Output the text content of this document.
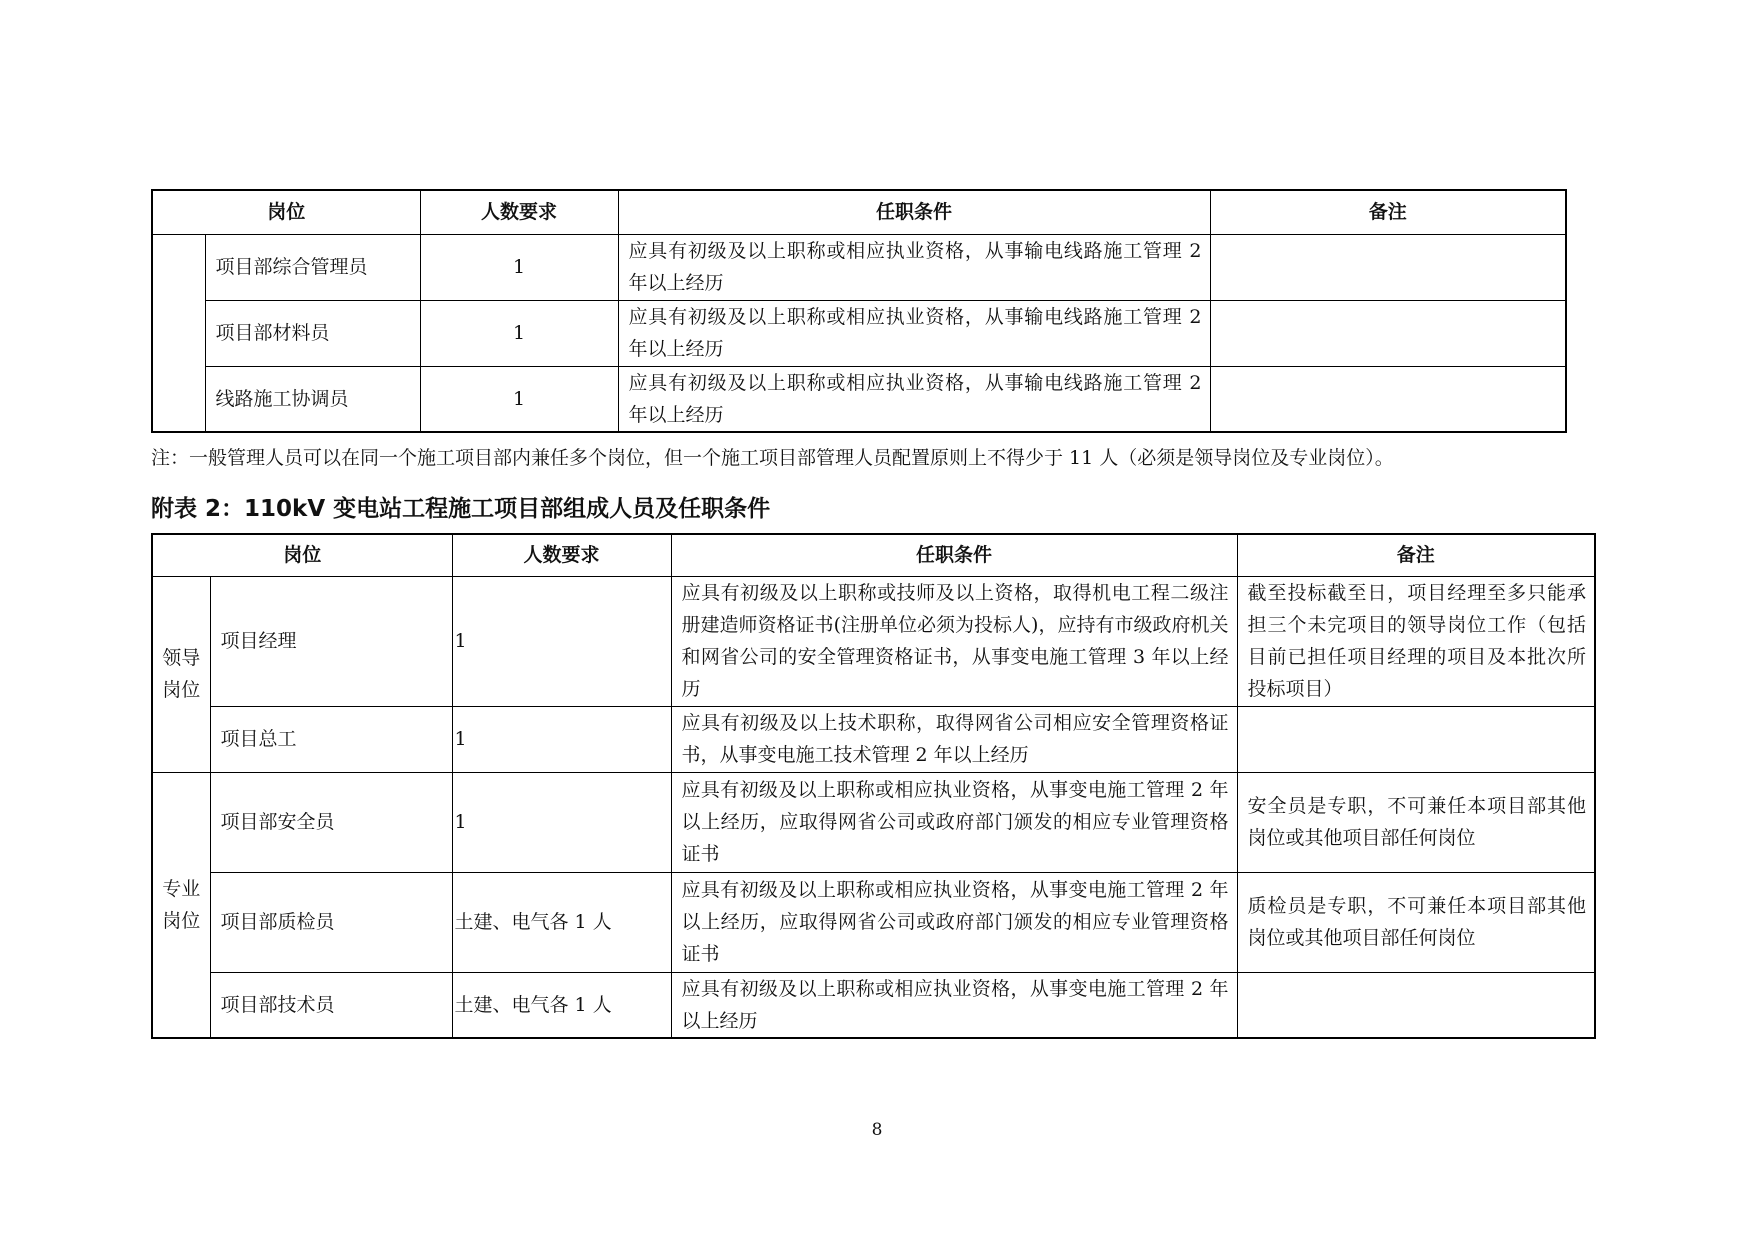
岗位		人数要求	任职条件	备注
	项目部综合管理员	1	应具有初级及以上职称或相应执业资格，从事输电线路施工管理 2 年以上经历	
	项目部材料员	1	应具有初级及以上职称或相应执业资格，从事输电线路施工管理 2 年以上经历	
	线路施工协调员	1	应具有初级及以上职称或相应执业资格，从事输电线路施工管理 2 年以上经历	
注：一般管理人员可以在同一个施工项目部内兼任多个岗位，但一个施工项目部管理人员配置原则上不得少于 11 人（必须是领导岗位及专业岗位）。
附表 2：110kV 变电站工程施工项目部组成人员及任职条件
岗位		人数要求	任职条件	备注
领导岗位	项目经理	1	应具有初级及以上职称或技师及以上资格，取得机电工程二级注册建造师资格证书(注册单位必须为投标人)，应持有市级政府机关和网省公司的安全管理资格证书，从事变电施工管理 3 年以上经历	截至投标截至日，项目经理至多只能承担三个未完项目的领导岗位工作（包括目前已担任项目经理的项目及本批次所投标项目）
	项目总工	1	应具有初级及以上技术职称，取得网省公司相应安全管理资格证书，从事变电施工技术管理 2 年以上经历	
专业岗位	项目部安全员	1	应具有初级及以上职称或相应执业资格，从事变电施工管理 2 年以上经历，应取得网省公司或政府部门颁发的相应专业管理资格证书	安全员是专职，不可兼任本项目部其他岗位或其他项目部任何岗位
	项目部质检员	土建、电气各 1 人	应具有初级及以上职称或相应执业资格，从事变电施工管理 2 年以上经历，应取得网省公司或政府部门颁发的相应专业管理资格证书	质检员是专职，不可兼任本项目部其他岗位或其他项目部任何岗位
	项目部技术员	土建、电气各 1 人	应具有初级及以上职称或相应执业资格，从事变电施工管理 2 年以上经历	
8
